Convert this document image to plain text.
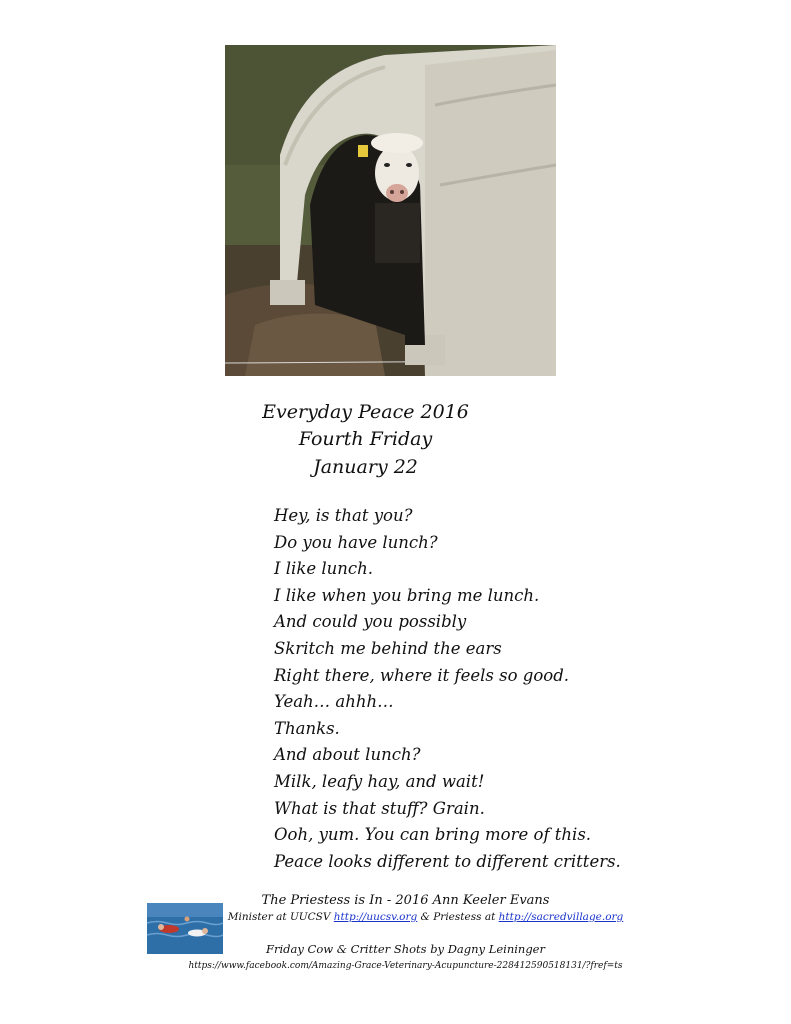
Everyday Peace 2016
Fourth Friday
January 22
Hey, is that you?
Do you have lunch?
I like lunch.
I like when you bring me lunch.
And could you possibly
Skritch me behind the ears
Right there, where it feels so good.
Yeah… ahhh…
Thanks.
And about lunch?
Milk, leafy hay, and wait!
What is that stuff? Grain.
Ooh, yum. You can bring more of this.
Peace looks different to different critters.
The Priestess is In - 2016 Ann Keeler Evans
Minister at UUCSV http://uucsv.org & Priestess at http://sacredvillage.org
Friday Cow & Critter Shots by Dagny Leininger
https://www.facebook.com/Amazing-Grace-Veterinary-Acupuncture-228412590518131/?fref=ts
